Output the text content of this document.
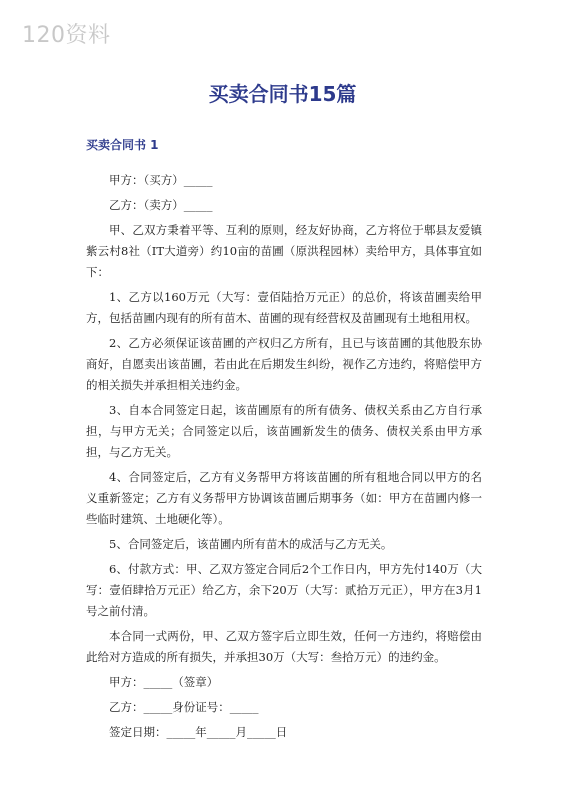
120资料
买卖合同书15篇
买卖合同书 1

甲方：（买方）_____

乙方：（卖方）_____

甲、乙双方秉着平等、互利的原则，经友好协商，乙方将位于郫县友爱镇紫云村8社（IT大道旁）约10亩的苗圃（原洪程园林）卖给甲方，具体事宜如下：

1、乙方以160万元（大写：壹佰陆拾万元正）的总价，将该苗圃卖给甲方，包括苗圃内现有的所有苗木、苗圃的现有经营权及苗圃现有土地租用权。

2、乙方必须保证该苗圃的产权归乙方所有，且已与该苗圃的其他股东协商好，自愿卖出该苗圃，若由此在后期发生纠纷，视作乙方违约，将赔偿甲方的相关损失并承担相关违约金。

3、自本合同签定日起，该苗圃原有的所有债务、债权关系由乙方自行承担，与甲方无关；合同签定以后，该苗圃新发生的债务、债权关系由甲方承担，与乙方无关。

4、合同签定后，乙方有义务帮甲方将该苗圃的所有租地合同以甲方的名义重新签定；乙方有义务帮甲方协调该苗圃后期事务（如：甲方在苗圃内修一些临时建筑、土地硬化等）。

5、合同签定后，该苗圃内所有苗木的成活与乙方无关。

6、付款方式：甲、乙双方签定合同后2个工作日内，甲方先付140万（大写：壹佰肆拾万元正）给乙方，余下20万（大写：贰拾万元正），甲方在3月1号之前付清。

本合同一式两份，甲、乙双方签字后立即生效，任何一方违约，将赔偿由此给对方造成的所有损失，并承担30万（大写：叁拾万元）的违约金。

甲方：_____（签章）

乙方：_____身份证号：_____

签定日期：_____年_____月_____日
